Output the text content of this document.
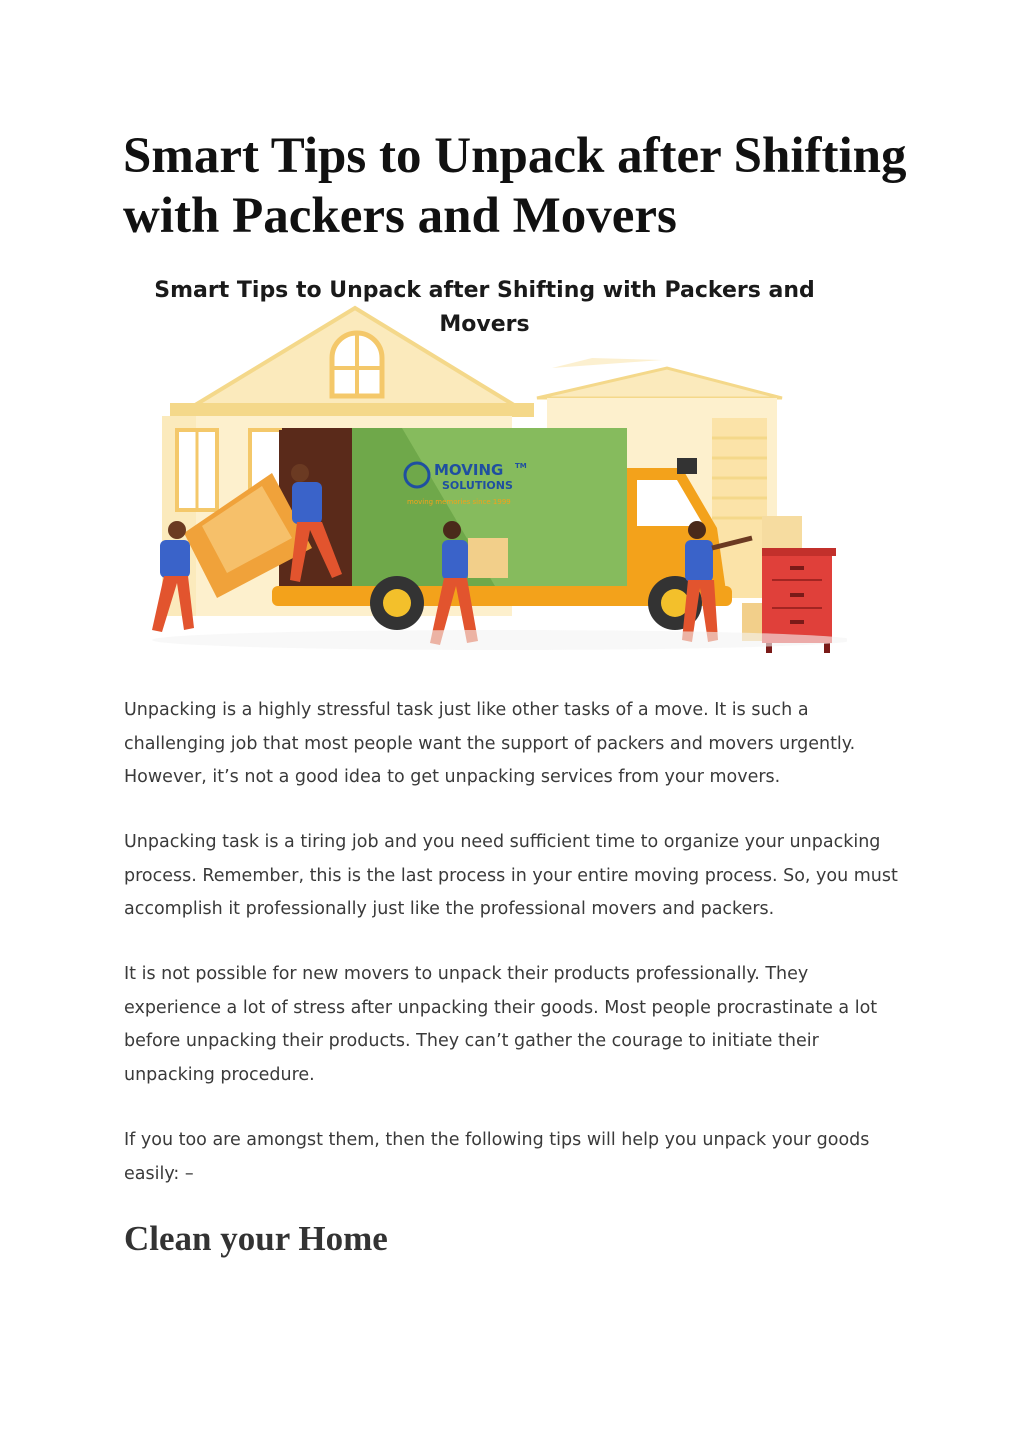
Smart Tips to Unpack after Shifting with Packers and Movers
MOVING TM
SOLUTIONS
moving memories since 1999
Smart Tips to Unpack after Shifting with Packers and Movers

Unpacking is a highly stressful task just like other tasks of a move. It is such a challenging job that most people want the support of packers and movers urgently. However, it’s not a good idea to get unpacking services from your movers.

Unpacking task is a tiring job and you need sufficient time to organize your unpacking process. Remember, this is the last process in your entire moving process. So, you must accomplish it professionally just like the professional movers and packers.

It is not possible for new movers to unpack their products professionally. They experience a lot of stress after unpacking their goods. Most people procrastinate a lot before unpacking their products. They can’t gather the courage to initiate their unpacking procedure.

If you too are amongst them, then the following tips will help you unpack your goods easily: –

Clean your Home
